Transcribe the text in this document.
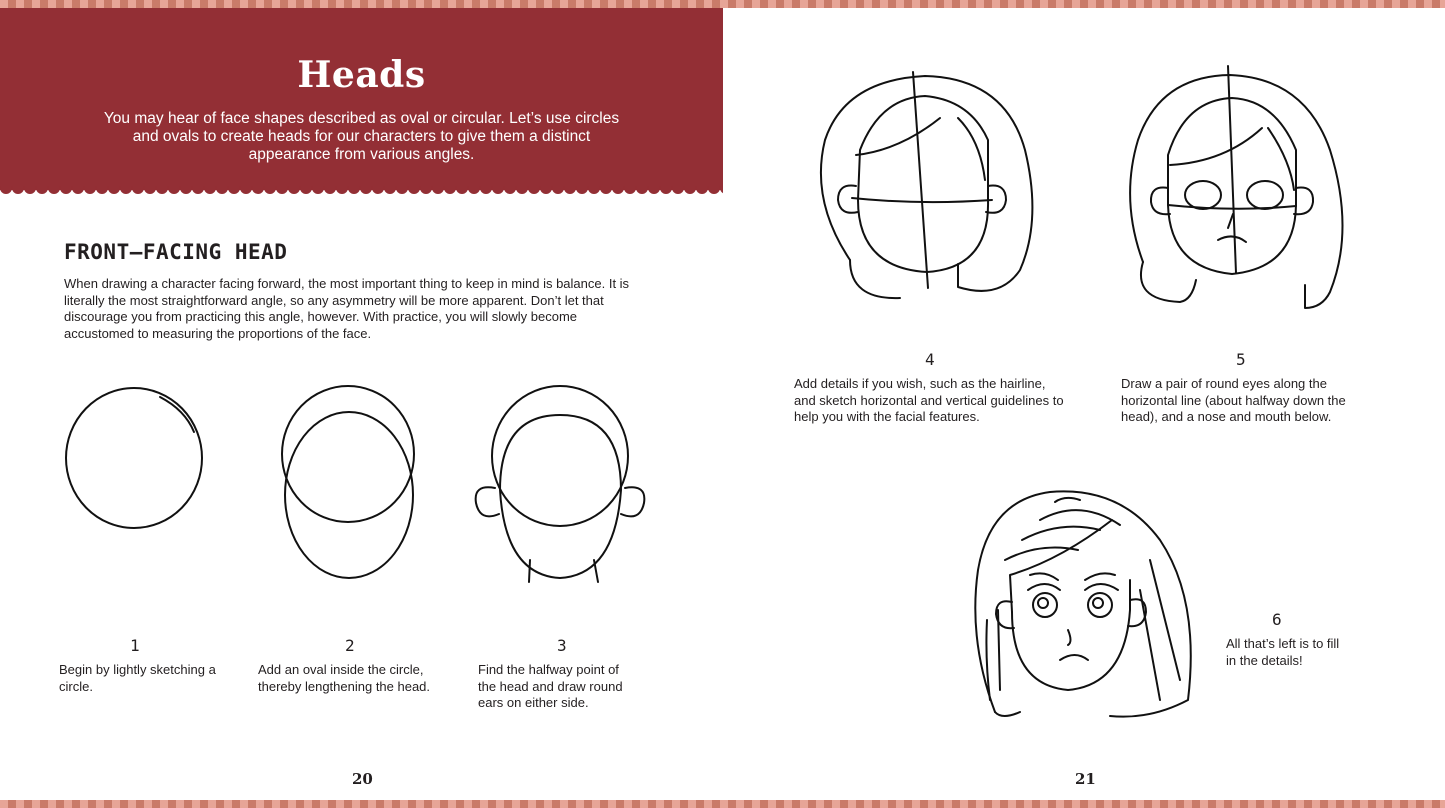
Heads

You may hear of face shapes described as oval or circular. Let’s use circles and ovals to create heads for our characters to give them a distinct appearance from various angles.

FRONT—FACING HEAD

When drawing a character facing forward, the most important thing to keep in mind is balance. It is literally the most straightforward angle, so any asymmetry will be more apparent. Don’t let that discourage you from practicing this angle, however. With practice, you will slowly become accustomed to measuring the proportions of the face.

1

Begin by lightly sketching a circle.

2

Add an oval inside the circle, thereby lengthening the head.

3

Find the halfway point of the head and draw round ears on either side.

4

Add details if you wish, such as the hairline, and sketch horizontal and vertical guidelines to help you with the facial features.

5

Draw a pair of round eyes along the horizontal line (about halfway down the head), and a nose and mouth below.

6

All that’s left is to fill in the details!

20	21
